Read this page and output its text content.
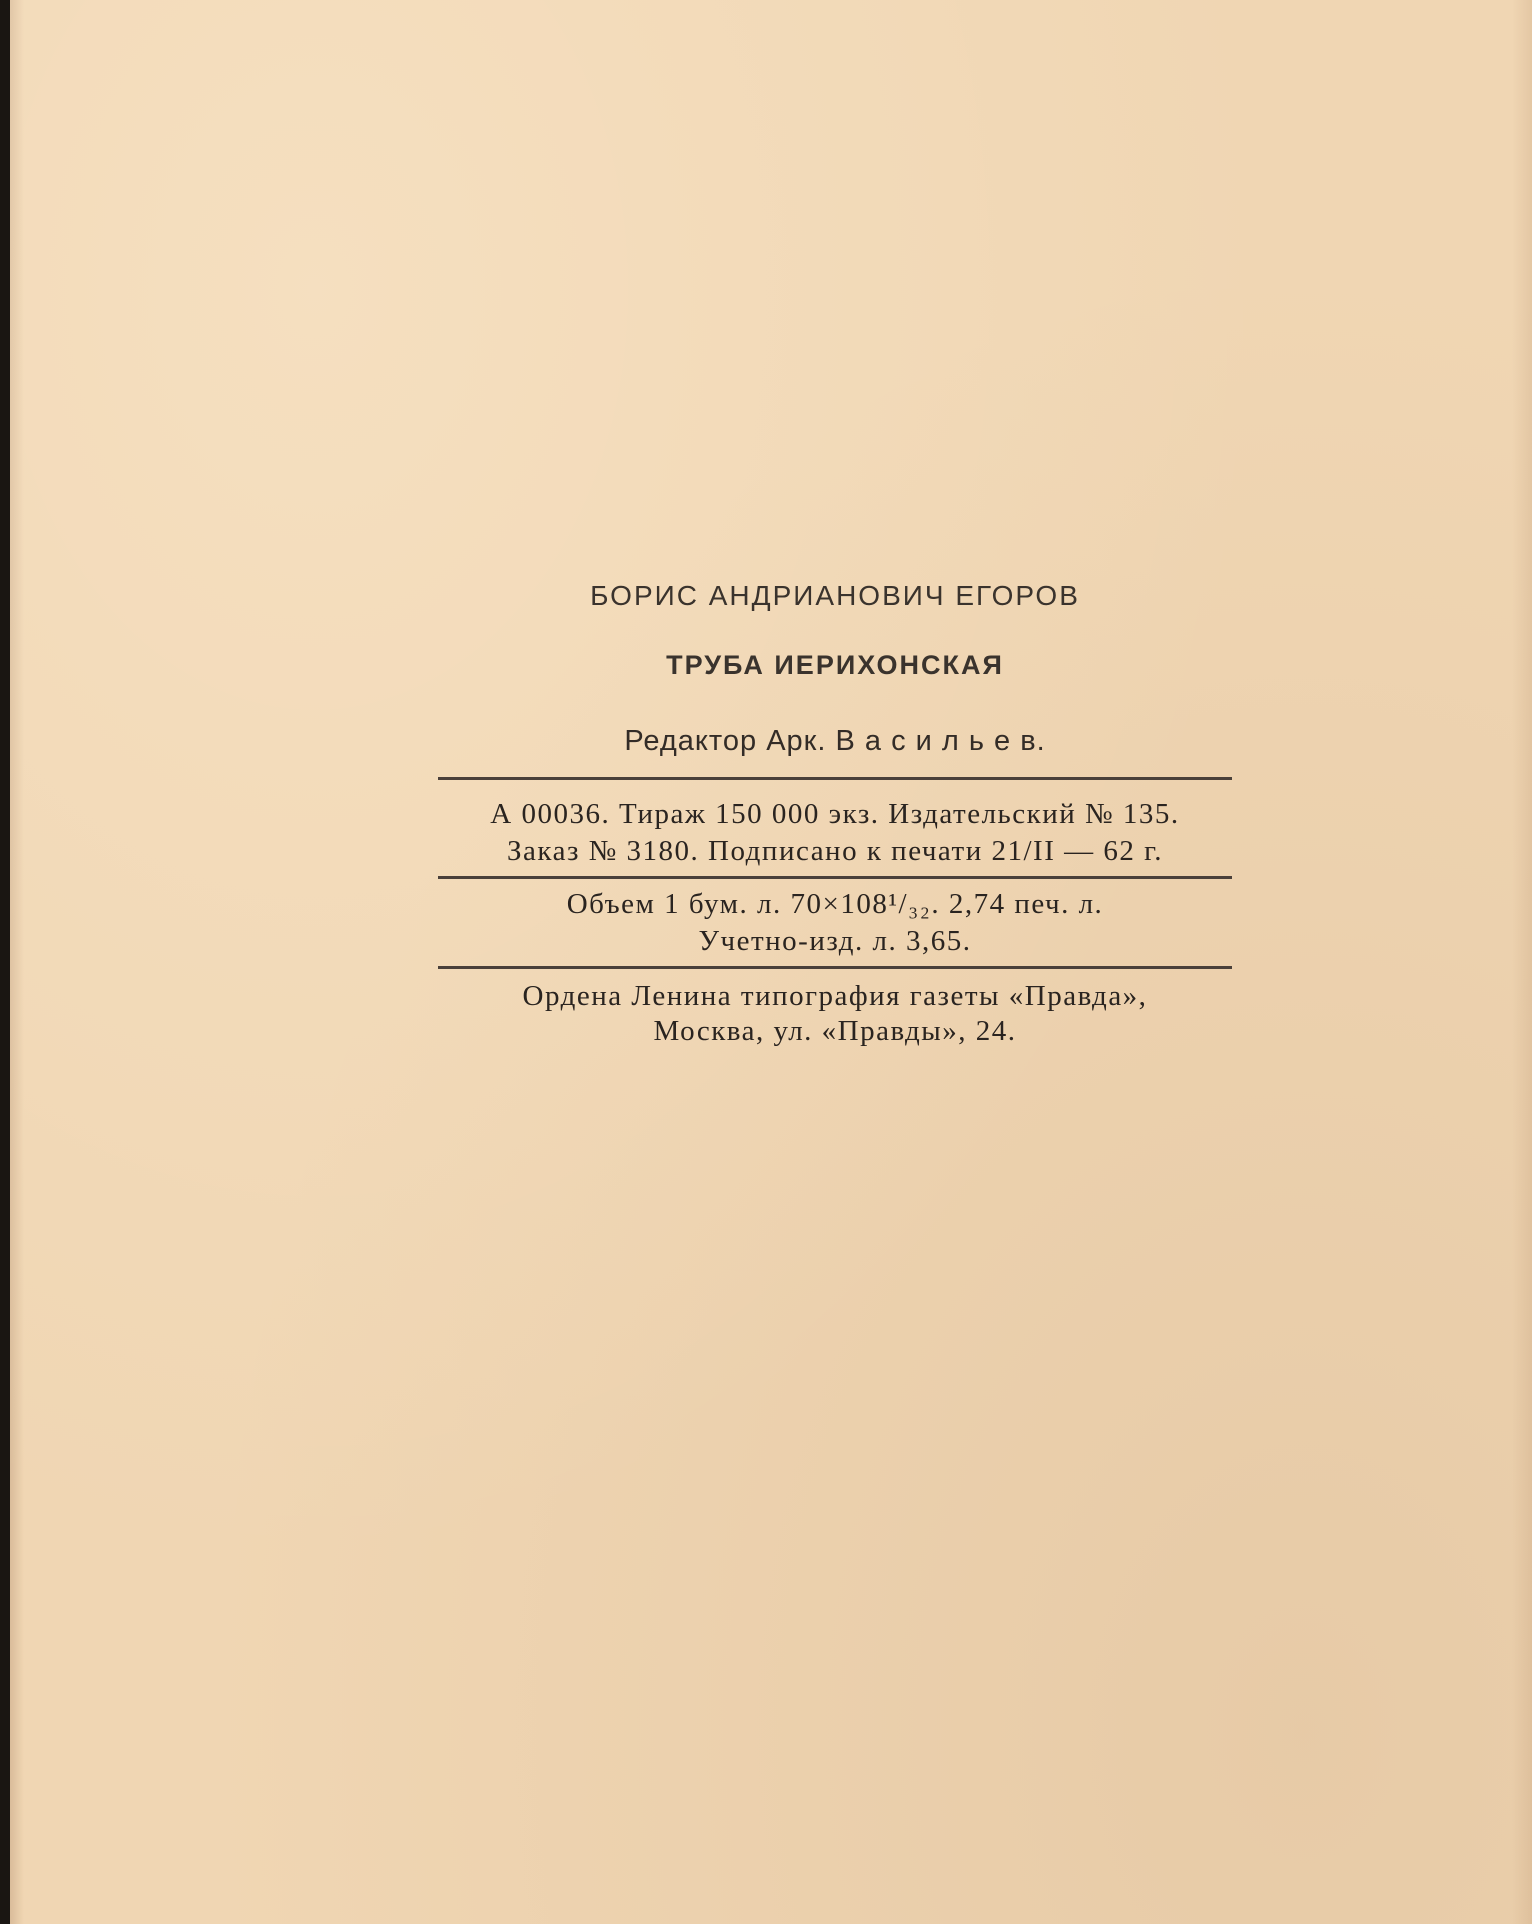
БОРИС АНДРИАНОВИЧ ЕГОРОВ
ТРУБА ИЕРИХОНСКАЯ
Редактор Арк. В а с и л ь е в.
А 00036. Тираж 150 000 экз. Издательский № 135.
Заказ № 3180. Подписано к печати 21/II — 62 г.
Объем 1 бум. л. 70×108¹/₃₂. 2,74 печ. л.
Учетно-изд. л. 3,65.
Ордена Ленина типография газеты «Правда»,
Москва, ул. «Правды», 24.
